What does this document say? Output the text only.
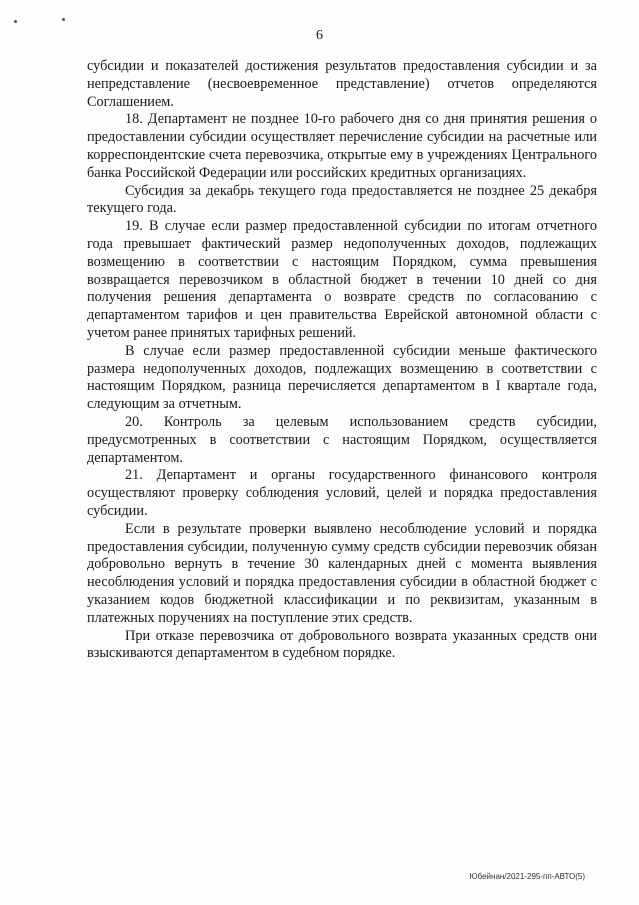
6

субсидии и показателей достижения результатов предоставления субсидии и за непредставление (несвоевременное представление) отчетов определяются Соглашением.

18. Департамент не позднее 10-го рабочего дня со дня принятия решения о предоставлении субсидии осуществляет перечисление субсидии на расчетные или корреспондентские счета перевозчика, открытые ему в учреждениях Центрального банка Российской Федерации или российских кредитных организациях.

Субсидия за декабрь текущего года предоставляется не позднее 25 декабря текущего года.

19. В случае если размер предоставленной субсидии по итогам отчетного года превышает фактический размер недополученных доходов, подлежащих возмещению в соответствии с настоящим Порядком, сумма превышения возвращается перевозчиком в областной бюджет в течении 10 дней со дня получения решения департамента о возврате средств по согласованию с департаментом тарифов и цен правительства Еврейской автономной области с учетом ранее принятых тарифных решений.

В случае если размер предоставленной субсидии меньше фактического размера недополученных доходов, подлежащих возмещению в соответствии с настоящим Порядком, разница перечисляется департаментом в I квартале года, следующим за отчетным.

20. Контроль за целевым использованием средств субсидии, предусмотренных в соответствии с настоящим Порядком, осуществляется департаментом.

21. Департамент и органы государственного финансового контроля осуществляют проверку соблюдения условий, целей и порядка предоставления субсидии.

Если в результате проверки выявлено несоблюдение условий и порядка предоставления субсидии, полученную сумму средств субсидии перевозчик обязан добровольно вернуть в течение 30 календарных дней с момента выявления несоблюдения условий и порядка предоставления субсидии в областной бюджет с указанием кодов бюджетной классификации и по реквизитам, указанным в платежных поручениях на поступление этих средств.

При отказе перевозчика от добровольного возврата указанных средств они взыскиваются департаментом в судебном порядке.

Юбейнан/2021-295-пп-АВТО(5)
